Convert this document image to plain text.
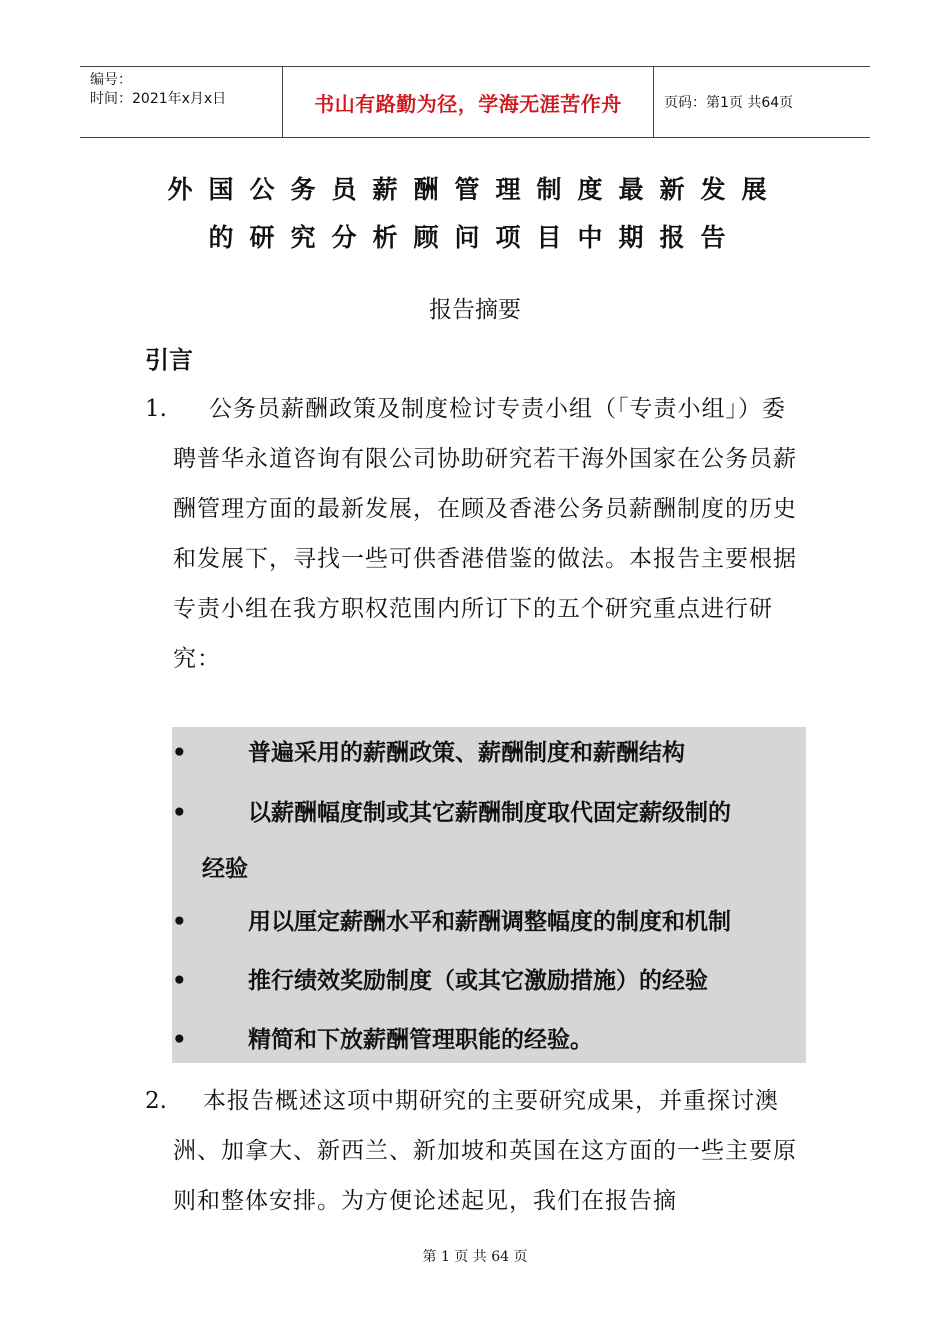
编号：
时间：2021年x月x日	书山有路勤为径，学海无涯苦作舟	页码：第1页 共64页
外国公务员薪酬管理制度最新发展
的研究分析顾问项目中期报告
报告摘要
引言
1.	公务员薪酬政策及制度检讨专责小组（「专责小组」）委聘普华永道咨询有限公司协助研究若干海外国家在公务员薪酬管理方面的最新发展，在顾及香港公务员薪酬制度的历史和发展下，寻找一些可供香港借鉴的做法。本报告主要根据专责小组在我方职权范围内所订下的五个研究重点进行研究：
•	普遍采用的薪酬政策、薪酬制度和薪酬结构
•	以薪酬幅度制或其它薪酬制度取代固定薪级制的
经验
•	用以厘定薪酬水平和薪酬调整幅度的制度和机制
•	推行绩效奖励制度（或其它激励措施）的经验
•	精简和下放薪酬管理职能的经验。
2.	本报告概述这项中期研究的主要研究成果，并重探讨澳洲、加拿大、新西兰、新加坡和英国在这方面的一些主要原则和整体安排。为方便论述起见，我们在报告摘
第 1 页 共 64 页
